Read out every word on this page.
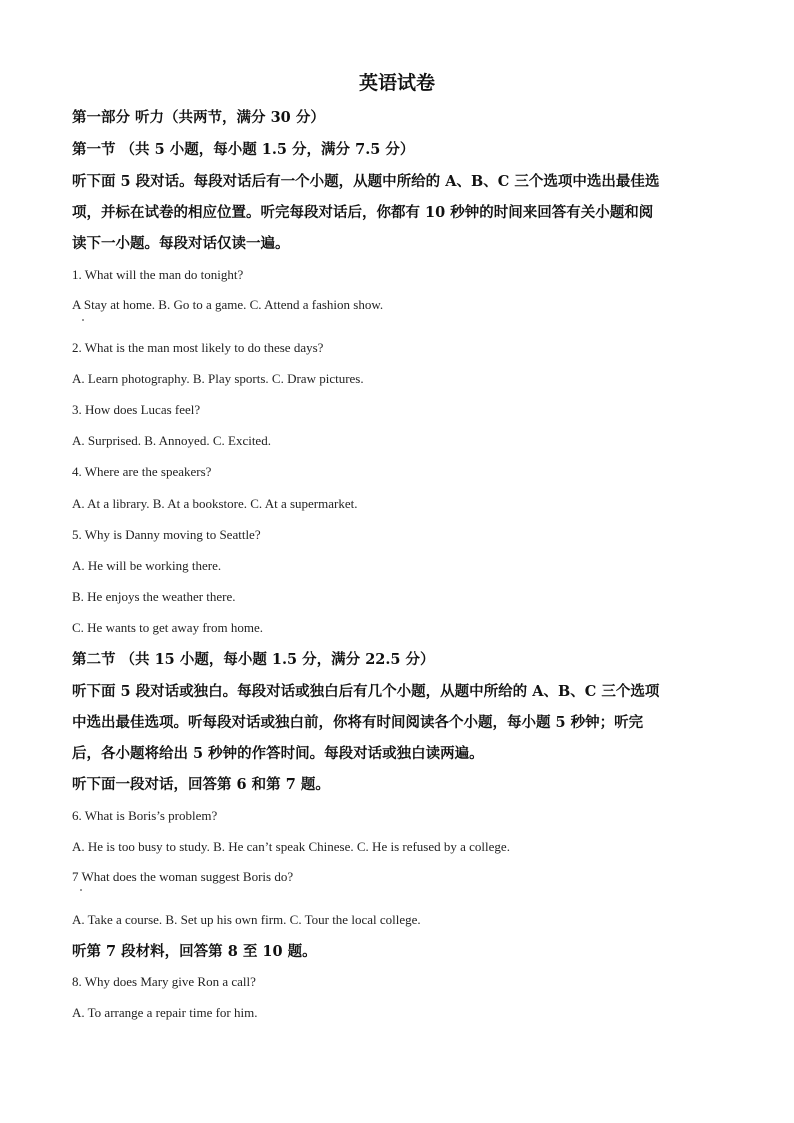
英语试卷
第一部分 听力（共两节，满分 30 分）
第一节 （共 5 小题，每小题 1.5 分，满分 7.5 分）
听下面 5 段对话。每段对话后有一个小题，从题中所给的 A、B、C 三个选项中选出最佳选
项，并标在试卷的相应位置。听完每段对话后，你都有 10 秒钟的时间来回答有关小题和阅
读下一小题。每段对话仅读一遍。
1. What will the man do tonight?
A Stay at home. B. Go to a game. C. Attend a fashion show.
2. What is the man most likely to do these days?
A. Learn photography. B. Play sports. C. Draw pictures.
3. How does Lucas feel?
A. Surprised. B. Annoyed. C. Excited.
4. Where are the speakers?
A. At a library. B. At a bookstore. C. At a supermarket.
5. Why is Danny moving to Seattle?
A. He will be working there.
B. He enjoys the weather there.
C. He wants to get away from home.
第二节 （共 15 小题，每小题 1.5 分，满分 22.5 分）
听下面 5 段对话或独白。每段对话或独白后有几个小题，从题中所给的 A、B、C 三个选项
中选出最佳选项。听每段对话或独白前，你将有时间阅读各个小题，每小题 5 秒钟；听完
后，各小题将给出 5 秒钟的作答时间。每段对话或独白读两遍。
听下面一段对话，回答第 6 和第 7 题。
6. What is Boris’s problem?
A. He is too busy to study. B. He can’t speak Chinese. C. He is refused by a college.
7 What does the woman suggest Boris do?
A. Take a course. B. Set up his own firm. C. Tour the local college.
听第 7 段材料，回答第 8 至 10 题。
8. Why does Mary give Ron a call?
A. To arrange a repair time for him.
